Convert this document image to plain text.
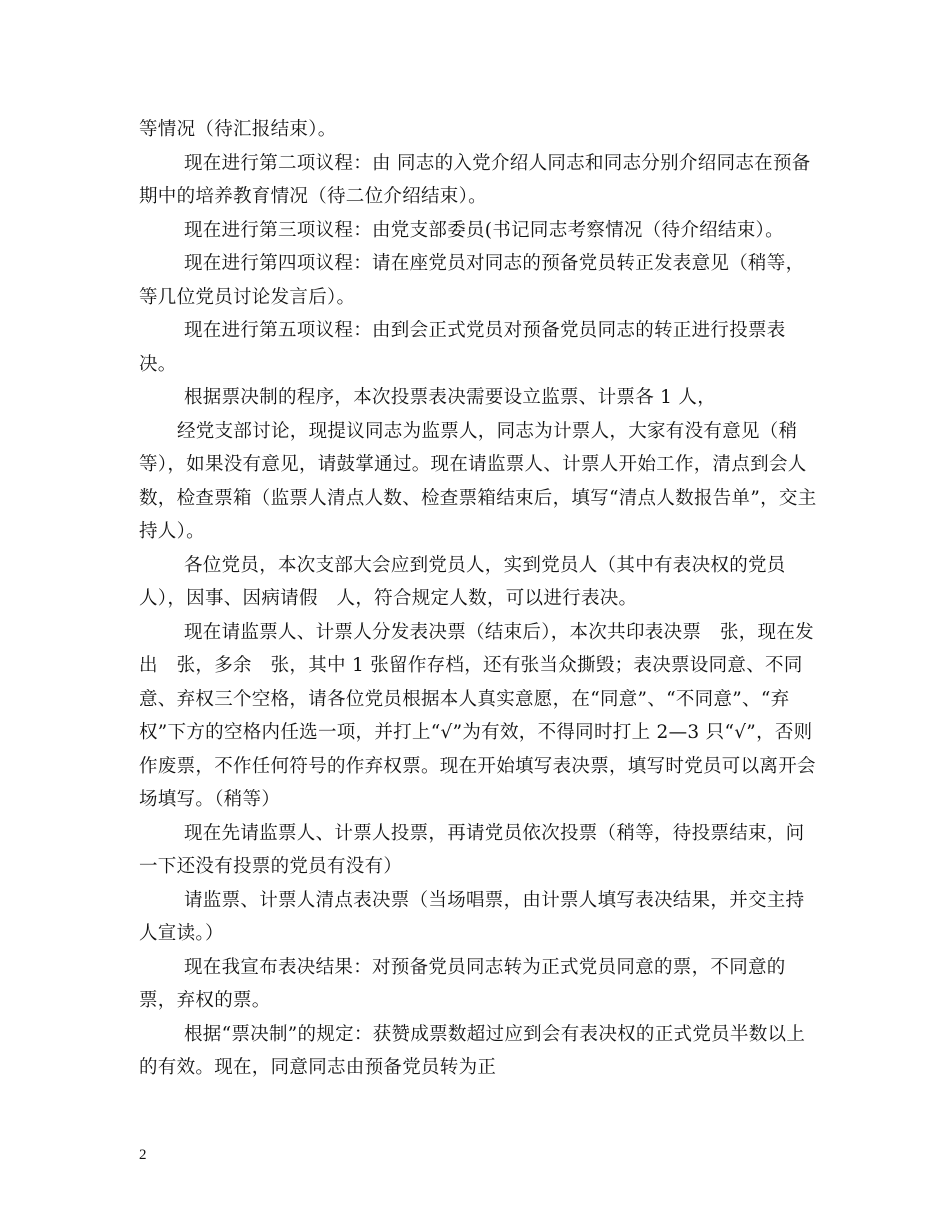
等情况（待汇报结束）。

现在进行第二项议程：由 同志的入党介绍人同志和同志分别介绍同志在预备期中的培养教育情况（待二位介绍结束）。

现在进行第三项议程：由党支部委员(书记同志考察情况（待介绍结束）。

现在进行第四项议程：请在座党员对同志的预备党员转正发表意见（稍等，等几位党员讨论发言后）。

现在进行第五项议程：由到会正式党员对预备党员同志的转正进行投票表决。

根据票决制的程序，本次投票表决需要设立监票、计票各 1 人，

经党支部讨论，现提议同志为监票人，同志为计票人，大家有没有意见（稍等），如果没有意见，请鼓掌通过。现在请监票人、计票人开始工作，清点到会人数，检查票箱（监票人清点人数、检查票箱结束后，填写“清点人数报告单”，交主持人）。

各位党员，本次支部大会应到党员人，实到党员人（其中有表决权的党员人），因事、因病请假　人，符合规定人数，可以进行表决。

现在请监票人、计票人分发表决票（结束后），本次共印表决票　张，现在发出　张，多余　张，其中 1 张留作存档，还有张当众撕毁；表决票设同意、不同意、弃权三个空格，请各位党员根据本人真实意愿，在“同意”、“不同意”、“弃权”下方的空格内任选一项，并打上“√”为有效，不得同时打上 2—3 只“√”，否则作废票，不作任何符号的作弃权票。现在开始填写表决票，填写时党员可以离开会场填写。（稍等）

现在先请监票人、计票人投票，再请党员依次投票（稍等，待投票结束，问一下还没有投票的党员有没有）

请监票、计票人清点表决票（当场唱票，由计票人填写表决结果，并交主持人宣读。）

现在我宣布表决结果：对预备党员同志转为正式党员同意的票，不同意的票，弃权的票。

根据“票决制”的规定：获赞成票数超过应到会有表决权的正式党员半数以上的有效。现在，同意同志由预备党员转为正

2
